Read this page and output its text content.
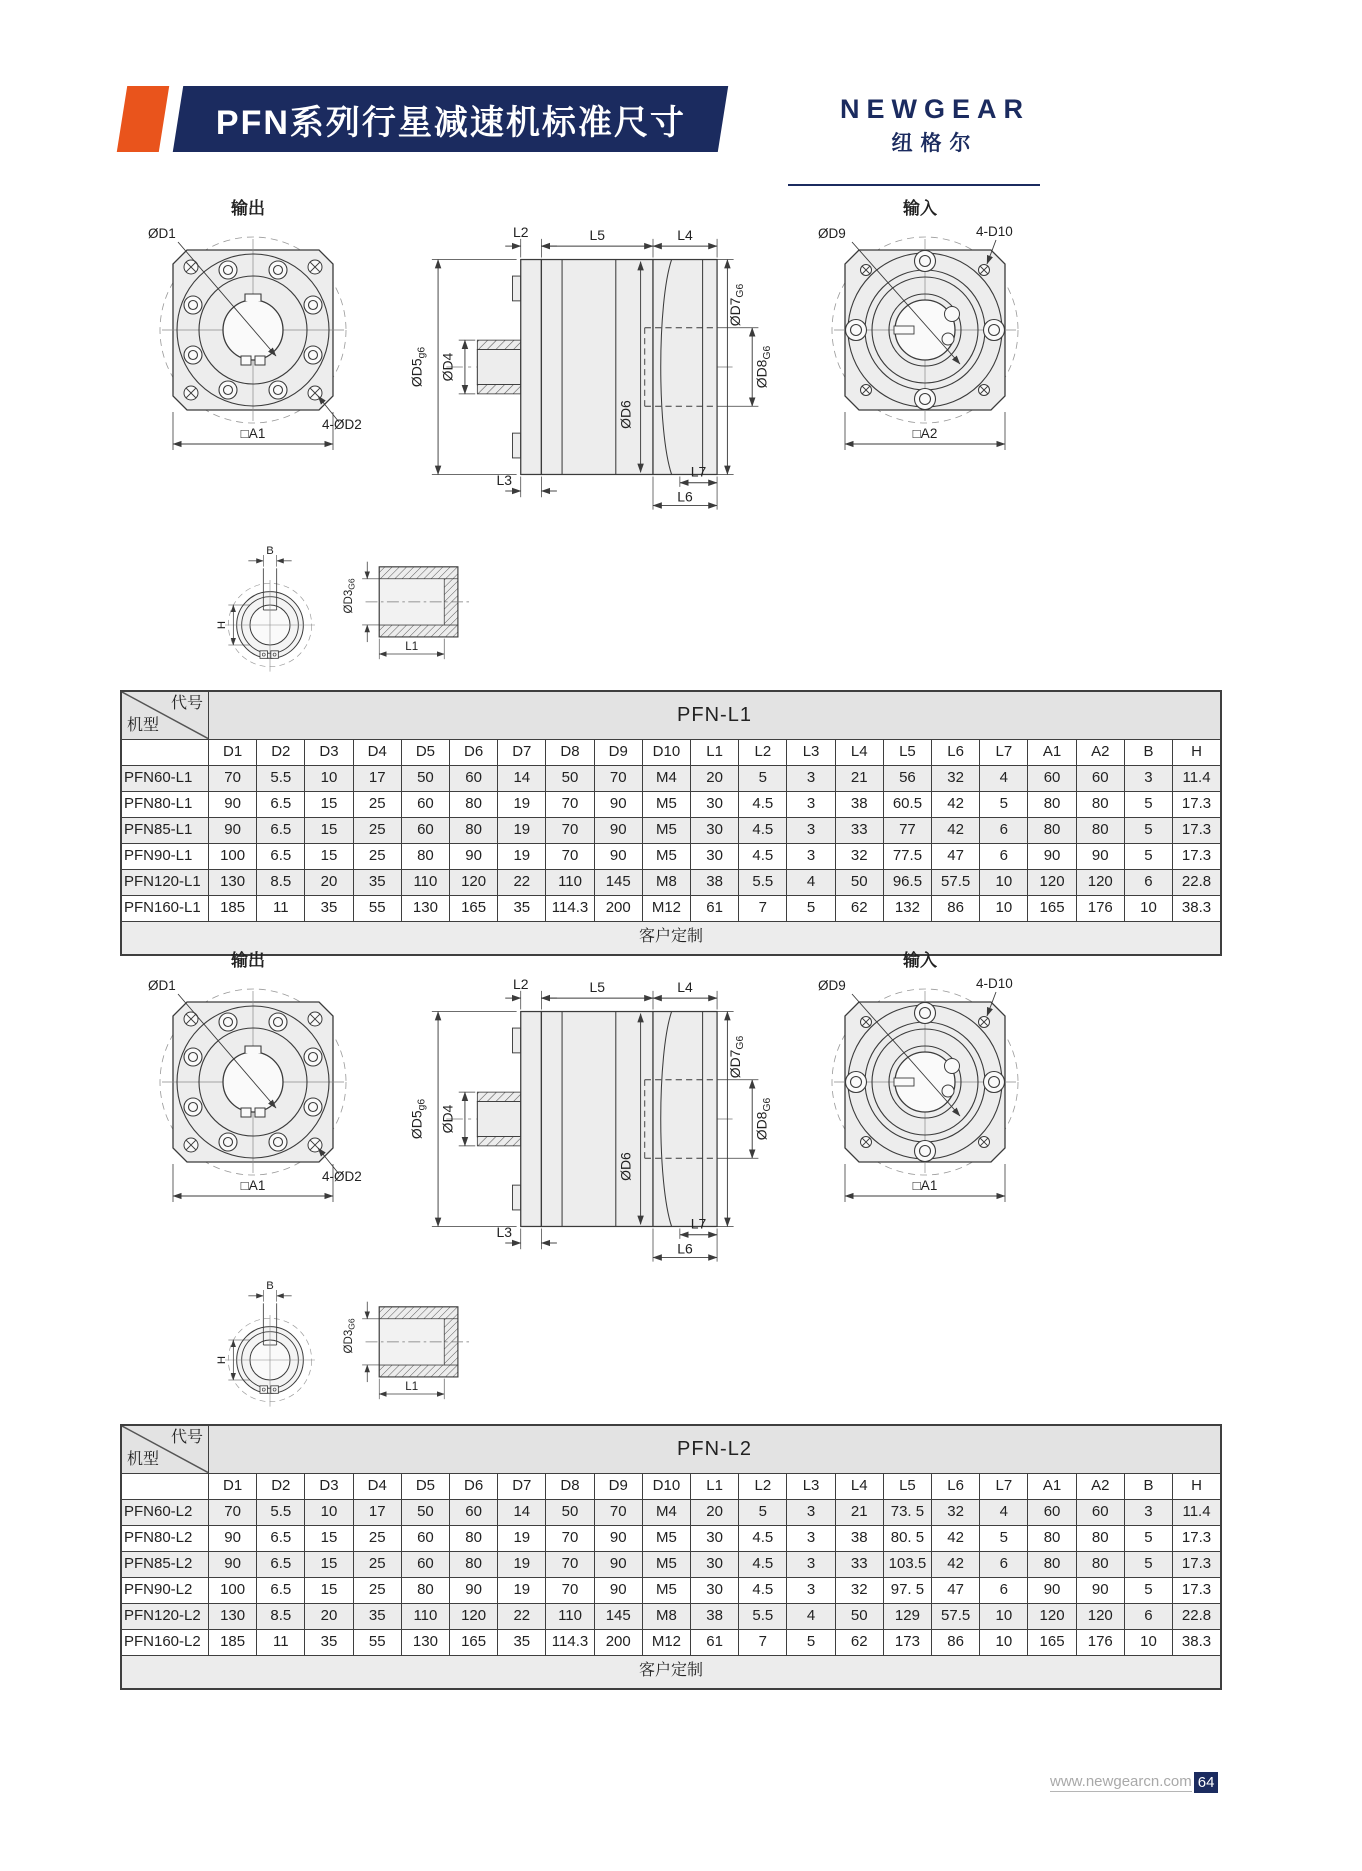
PFN系列行星减速机标准尺寸	NEWGEAR
纽格尔
输出
ØD1
4-ØD2
□A1
L2	L5	L4
$ØD5_{g6}$ ØD4
ØD6
$ØD7_{G6}$
$ØD8_{G6}$
L3
L7
L6
输入
ØD9	4-D10
□A2
B
H
$ØD3_{G6}$
L1
代号
机型	PFN-L1																				
	D1	D2	D3	D4	D5	D6	D7	D8	D9	D10	L1	L2	L3	L4	L5	L6	L7	A1	A2	B	H
PFN60-L1	70	5.5	10	17	50	60	14	50	70	M4	20	5	3	21	56	32	4	60	60	3	11.4
PFN80-L1	90	6.5	15	25	60	80	19	70	90	M5	30	4.5	3	38	60.5	42	5	80	80	5	17.3
PFN85-L1	90	6.5	15	25	60	80	19	70	90	M5	30	4.5	3	33	77	42	6	80	80	5	17.3
PFN90-L1	100	6.5	15	25	80	90	19	70	90	M5	30	4.5	3	32	77.5	47	6	90	90	5	17.3
PFN120-L1	130	8.5	20	35	110	120	22	110	145	M8	38	5.5	4	50	96.5	57.5	10	120	120	6	22.8
PFN160-L1	185	11	35	55	130	165	35	114.3	200	M12	61	7	5	62	132	86	10	165	176	10	38.3
客户定制																					
输出
ØD1
4-ØD2
□A1
L2	L5	L4
$ØD5_{g6}$ ØD4
ØD6
$ØD7_{G6}$
$ØD8_{G6}$
L3
L7
L6
输入
ØD9	4-D10
□A1
B
H
$ØD3_{G6}$
L1
代号
机型	PFN-L2																				
	D1	D2	D3	D4	D5	D6	D7	D8	D9	D10	L1	L2	L3	L4	L5	L6	L7	A1	A2	B	H
PFN60-L2	70	5.5	10	17	50	60	14	50	70	M4	20	5	3	21	73. 5	32	4	60	60	3	11.4
PFN80-L2	90	6.5	15	25	60	80	19	70	90	M5	30	4.5	3	38	80. 5	42	5	80	80	5	17.3
PFN85-L2	90	6.5	15	25	60	80	19	70	90	M5	30	4.5	3	33	103.5	42	6	80	80	5	17.3
PFN90-L2	100	6.5	15	25	80	90	19	70	90	M5	30	4.5	3	32	97. 5	47	6	90	90	5	17.3
PFN120-L2	130	8.5	20	35	110	120	22	110	145	M8	38	5.5	4	50	129	57.5	10	120	120	6	22.8
PFN160-L2	185	11	35	55	130	165	35	114.3	200	M12	61	7	5	62	173	86	10	165	176	10	38.3
客户定制																					
www.newgearcn.com 64
